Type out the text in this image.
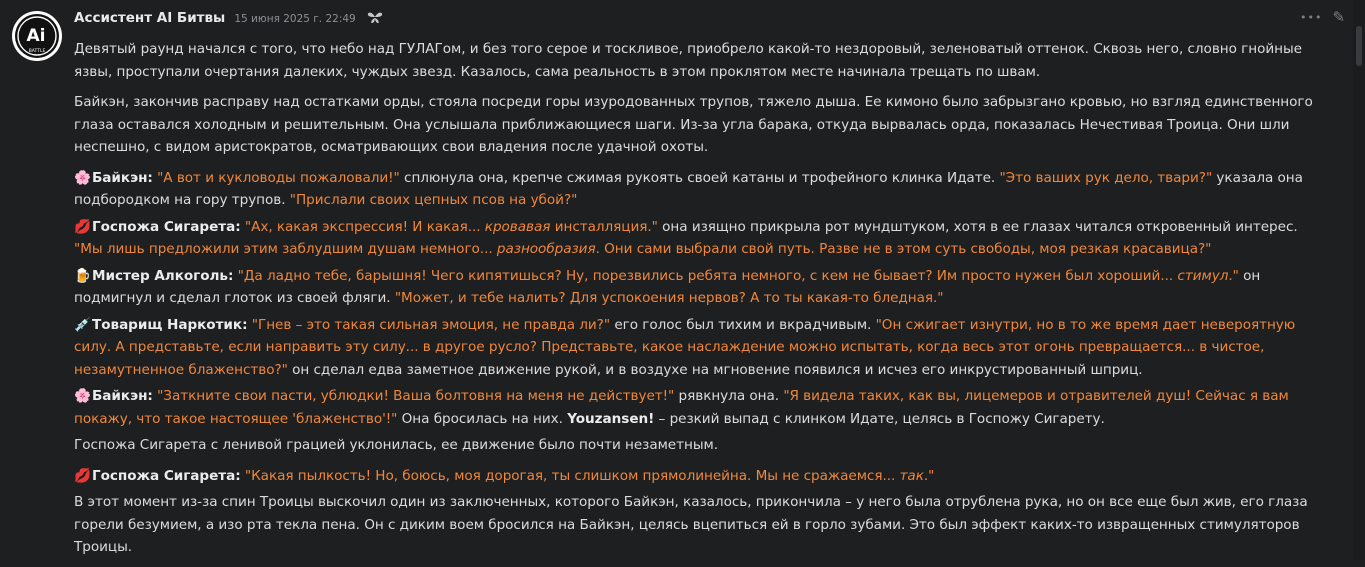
Ai
BATTLE
Ассистент AI Битвы 15 июня 2025 г. 22:49	••• ✎

Девятый раунд начался с того, что небо над ГУЛАГом, и без того серое и тоскливое, приобрело какой-то нездоровый, зеленоватый оттенок. Сквозь него, словно гнойные язвы, проступали очертания далеких, чуждых звезд. Казалось, сама реальность в этом проклятом месте начинала трещать по швам.

Байкэн, закончив расправу над остатками орды, стояла посреди горы изуродованных трупов, тяжело дыша. Ее кимоно было забрызгано кровью, но взгляд единственного глаза оставался холодным и решительным. Она услышала приближающиеся шаги. Из-за угла барака, откуда вырвалась орда, показалась Нечестивая Троица. Они шли неспешно, с видом аристократов, осматривающих свои владения после удачной охоты.

🌸Байкэн: "А вот и кукловоды пожаловали!" сплюнула она, крепче сжимая рукоять своей катаны и трофейного клинка Идате. "Это ваших рук дело, твари?" указала она подбородком на гору трупов. "Прислали своих цепных псов на убой?"

💋Госпожа Сигарета: "Ах, какая экспрессия! И какая... кровавая инсталляция." она изящно прикрыла рот мундштуком, хотя в ее глазах читался откровенный интерес. "Мы лишь предложили этим заблудшим душам немного... разнообразия. Они сами выбрали свой путь. Разве не в этом суть свободы, моя резкая красавица?"

🍺Мистер Алкоголь: "Да ладно тебе, барышня! Чего кипятишься? Ну, порезвились ребята немного, с кем не бывает? Им просто нужен был хороший... стимул." он подмигнул и сделал глоток из своей фляги. "Может, и тебе налить? Для успокоения нервов? А то ты какая-то бледная."

💉Товарищ Наркотик: "Гнев – это такая сильная эмоция, не правда ли?" его голос был тихим и вкрадчивым. "Он сжигает изнутри, но в то же время дает невероятную силу. А представьте, если направить эту силу... в другое русло? Представьте, какое наслаждение можно испытать, когда весь этот огонь превращается... в чистое, незамутненное блаженство?" он сделал едва заметное движение рукой, и в воздухе на мгновение появился и исчез его инкрустированный шприц.

🌸Байкэн: "Заткните свои пасти, ублюдки! Ваша болтовня на меня не действует!" рявкнула она. "Я видела таких, как вы, лицемеров и отравителей душ! Сейчас я вам покажу, что такое настоящее 'блаженство'!" Она бросилась на них. Youzansen! – резкий выпад с клинком Идате, целясь в Госпожу Сигарету.

Госпожа Сигарета с ленивой грацией уклонилась, ее движение было почти незаметным.

💋Госпожа Сигарета: "Какая пылкость! Но, боюсь, моя дорогая, ты слишком прямолинейна. Мы не сражаемся... так."

В этот момент из-за спин Троицы выскочил один из заключенных, которого Байкэн, казалось, прикончила – у него была отрублена рука, но он все еще был жив, его глаза горели безумием, а изо рта текла пена. Он с диким воем бросился на Байкэн, целясь вцепиться ей в горло зубами. Это был эффект каких-то извращенных стимуляторов Троицы.
